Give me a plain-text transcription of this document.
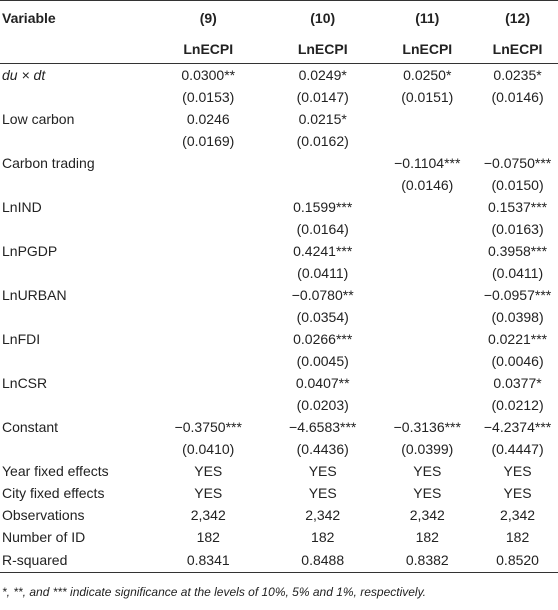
Variable	(9)	(10)	(11)	(12)
	LnECPI	LnECPI	LnECPI	LnECPI
du × dt	0.0300**	0.0249*	0.0250*	0.0235*
	(0.0153)	(0.0147)	(0.0151)	(0.0146)
Low carbon	0.0246	0.0215*		
	(0.0169)	(0.0162)		
Carbon trading			−0.1104***	−0.0750***
			(0.0146)	(0.0150)
LnIND		0.1599***		0.1537***
		(0.0164)		(0.0163)
LnPGDP		0.4241***		0.3958***
		(0.0411)		(0.0411)
LnURBAN		−0.0780**		−0.0957***
		(0.0354)		(0.0398)
LnFDI		0.0266***		0.0221***
		(0.0045)		(0.0046)
LnCSR		0.0407**		0.0377*
		(0.0203)		(0.0212)
Constant	−0.3750***	−4.6583***	−0.3136***	−4.2374***
	(0.0410)	(0.4436)	(0.0399)	(0.4447)
Year fixed effects	YES	YES	YES	YES
City fixed effects	YES	YES	YES	YES
Observations	2,342	2,342	2,342	2,342
Number of ID	182	182	182	182
R-squared	0.8341	0.8488	0.8382	0.8520
*, **, and *** indicate significance at the levels of 10%, 5% and 1%, respectively.
